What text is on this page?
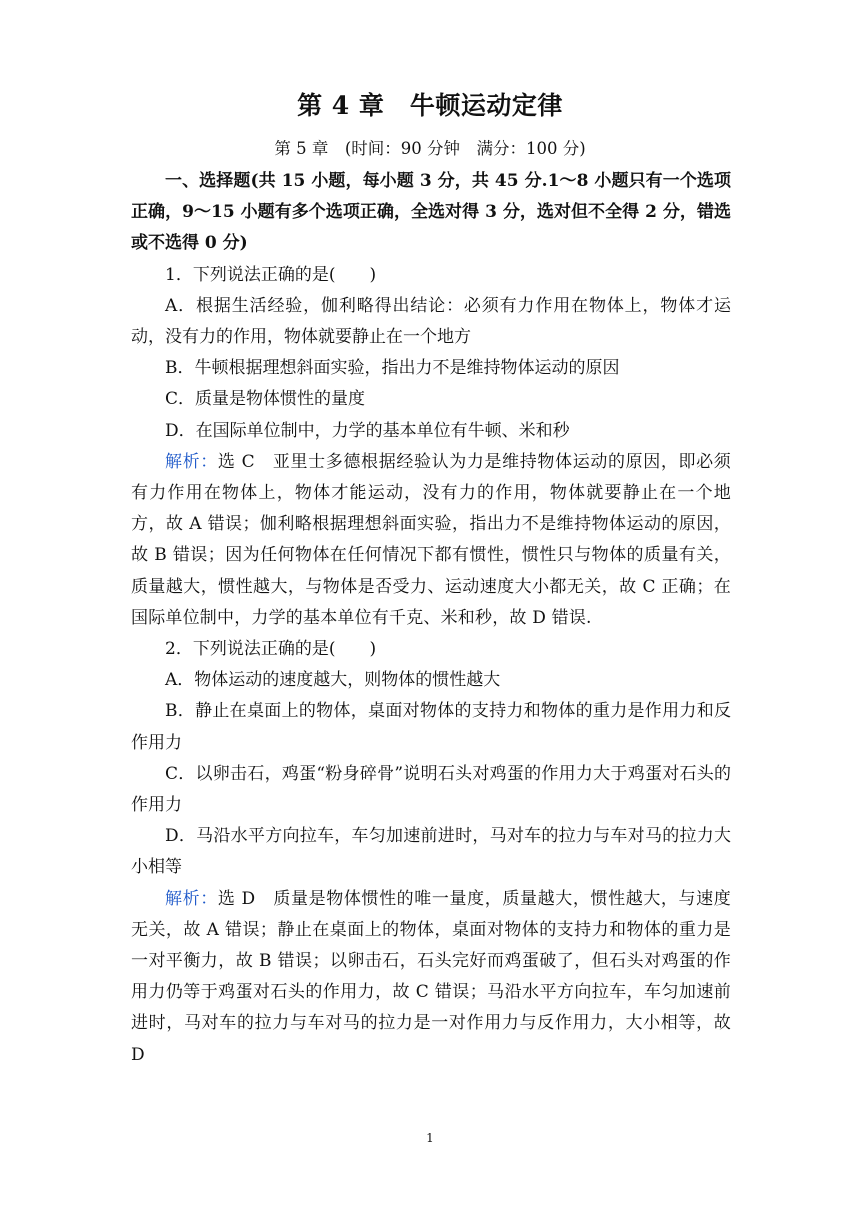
第 4 章　牛顿运动定律
第 5 章　(时间：90 分钟　满分：100 分)

一、选择题(共 15 小题，每小题 3 分，共 45 分.1～8 小题只有一个选项正确，9～15 小题有多个选项正确，全选对得 3 分，选对但不全得 2 分，错选或不选得 0 分)

1．下列说法正确的是(　　)

A．根据生活经验，伽利略得出结论：必须有力作用在物体上，物体才运动，没有力的作用，物体就要静止在一个地方

B．牛顿根据理想斜面实验，指出力不是维持物体运动的原因

C．质量是物体惯性的量度

D．在国际单位制中，力学的基本单位有牛顿、米和秒

解析：选 C　亚里士多德根据经验认为力是维持物体运动的原因，即必须有力作用在物体上，物体才能运动，没有力的作用，物体就要静止在一个地方，故 A 错误；伽利略根据理想斜面实验，指出力不是维持物体运动的原因，故 B 错误；因为任何物体在任何情况下都有惯性，惯性只与物体的质量有关，质量越大，惯性越大，与物体是否受力、运动速度大小都无关，故 C 正确；在国际单位制中，力学的基本单位有千克、米和秒，故 D 错误.

2．下列说法正确的是(　　)

A．物体运动的速度越大，则物体的惯性越大

B．静止在桌面上的物体，桌面对物体的支持力和物体的重力是作用力和反作用力

C．以卵击石，鸡蛋“粉身碎骨”说明石头对鸡蛋的作用力大于鸡蛋对石头的作用力

D．马沿水平方向拉车，车匀加速前进时，马对车的拉力与车对马的拉力大小相等

解析：选 D　质量是物体惯性的唯一量度，质量越大，惯性越大，与速度无关，故 A 错误；静止在桌面上的物体，桌面对物体的支持力和物体的重力是一对平衡力，故 B 错误；以卵击石，石头完好而鸡蛋破了，但石头对鸡蛋的作用力仍等于鸡蛋对石头的作用力，故 C 错误；马沿水平方向拉车，车匀加速前进时，马对车的拉力与车对马的拉力是一对作用力与反作用力，大小相等，故 D

1
